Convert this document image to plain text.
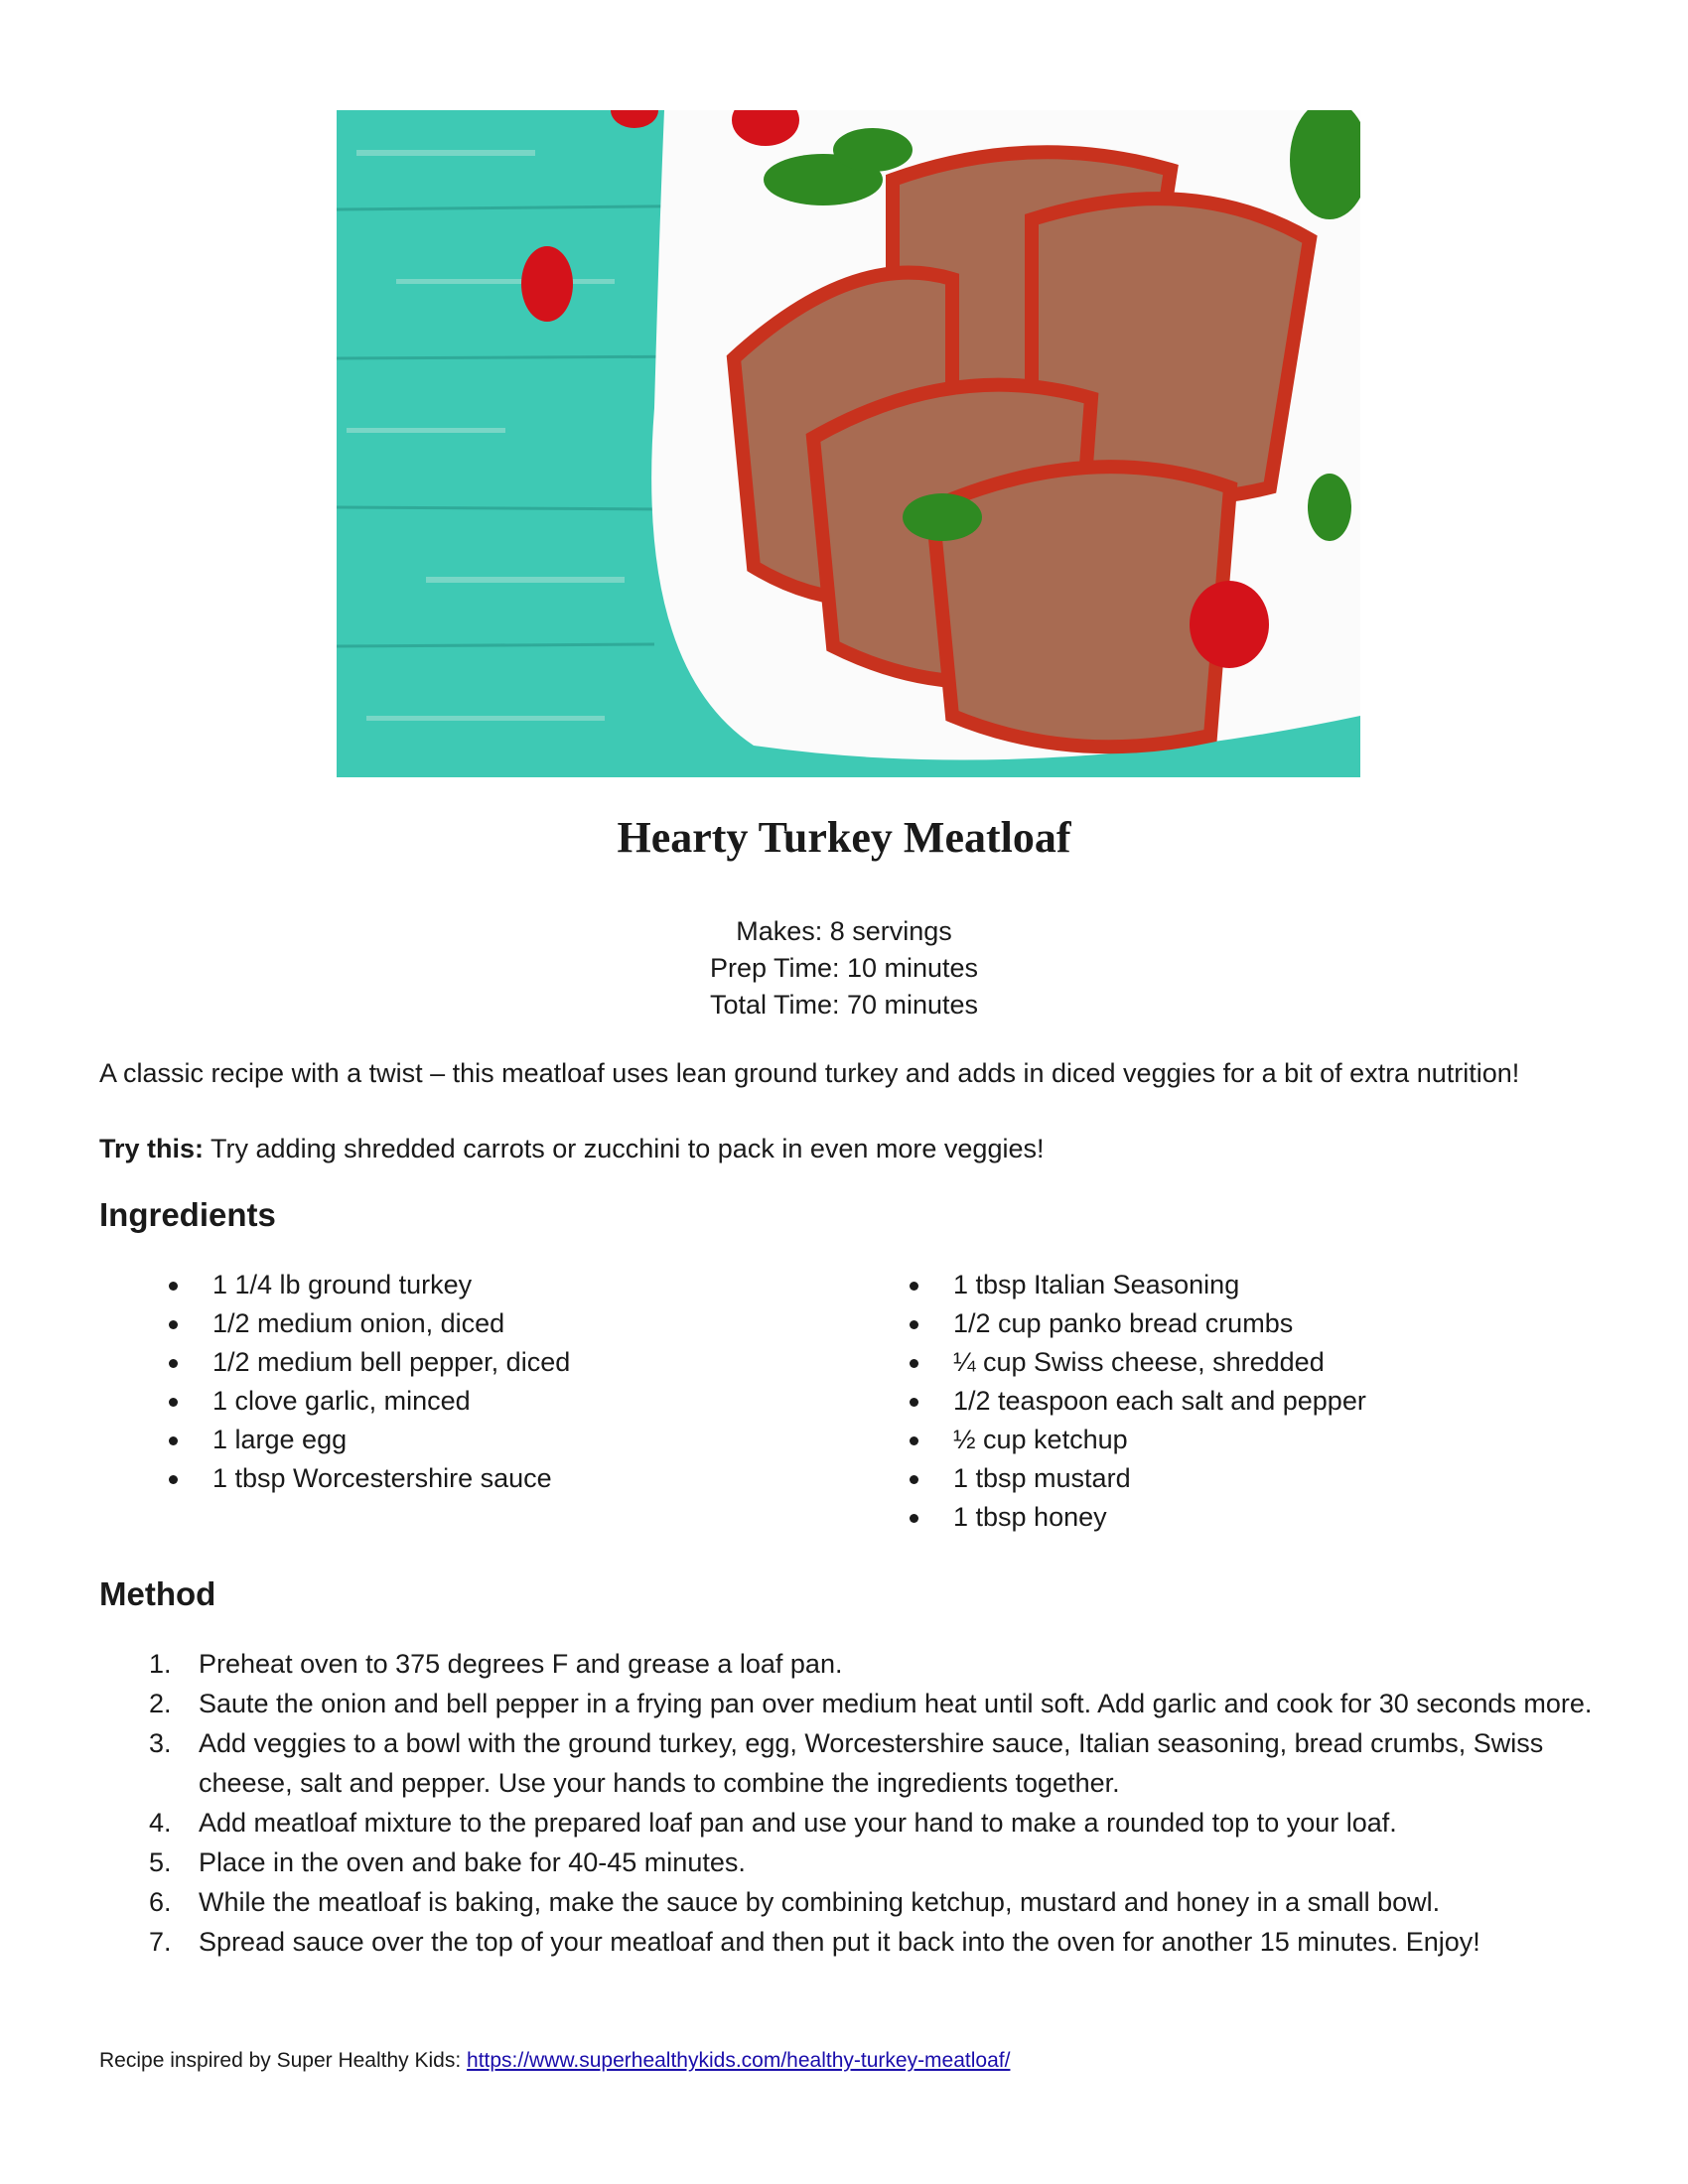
Hearty Turkey Meatloaf
Makes: 8 servings
Prep Time: 10 minutes
Total Time: 70 minutes
A classic recipe with a twist – this meatloaf uses lean ground turkey and adds in diced veggies for a bit of extra nutrition!
Try this: Try adding shredded carrots or zucchini to pack in even more veggies!
Ingredients
1 1/4 lb ground turkey
1/2 medium onion, diced
1/2 medium bell pepper, diced
1 clove garlic, minced
1 large egg
1 tbsp Worcestershire sauce
1 tbsp Italian Seasoning
1/2 cup panko bread crumbs
¼ cup Swiss cheese, shredded
1/2 teaspoon each salt and pepper
½ cup ketchup
1 tbsp mustard
1 tbsp honey
Method
1.	Preheat oven to 375 degrees F and grease a loaf pan.
2.	Saute the onion and bell pepper in a frying pan over medium heat until soft. Add garlic and cook for 30 seconds more.
3.	Add veggies to a bowl with the ground turkey, egg, Worcestershire sauce, Italian seasoning, bread crumbs, Swiss cheese, salt and pepper. Use your hands to combine the ingredients together.
4.	Add meatloaf mixture to the prepared loaf pan and use your hand to make a rounded top to your loaf.
5.	Place in the oven and bake for 40-45 minutes.
6.	While the meatloaf is baking, make the sauce by combining ketchup, mustard and honey in a small bowl.
7.	Spread sauce over the top of your meatloaf and then put it back into the oven for another 15 minutes. Enjoy!
Recipe inspired by Super Healthy Kids: https://www.superhealthykids.com/healthy-turkey-meatloaf/
